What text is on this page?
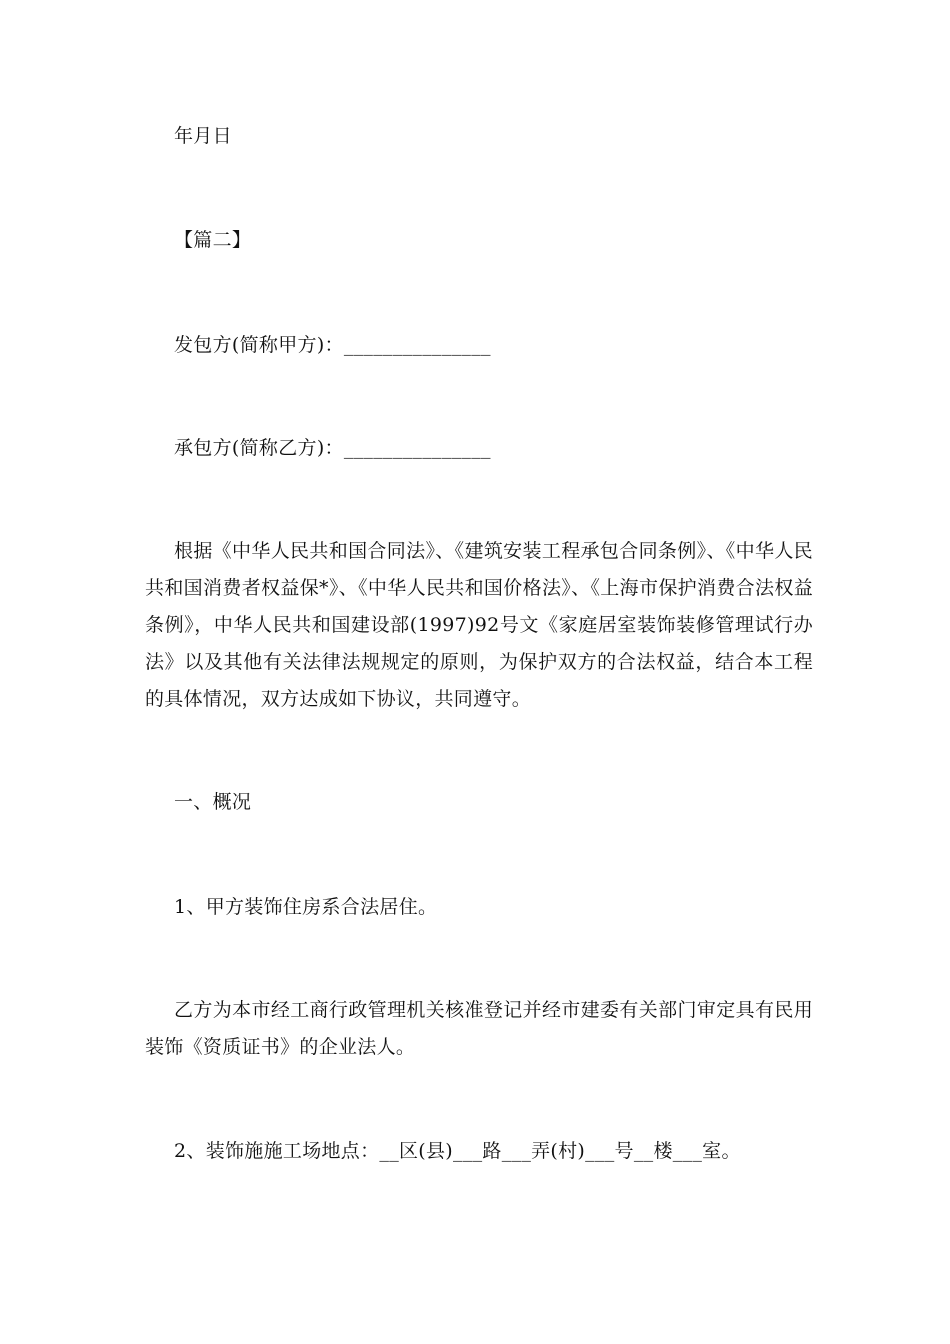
年月日

【篇二】

发包方(简称甲方)：_______________

承包方(简称乙方)：_______________

根据《中华人民共和国合同法》、《建筑安装工程承包合同条例》、《中华人民共和国消费者权益保*》、《中华人民共和国价格法》、《上海市保护消费合法权益条例》，中华人民共和国建设部(1997)92号文《家庭居室装饰装修管理试行办法》以及其他有关法律法规规定的原则，为保护双方的合法权益，结合本工程的具体情况，双方达成如下协议，共同遵守。

一、概况

1、甲方装饰住房系合法居住。

乙方为本市经工商行政管理机关核准登记并经市建委有关部门审定具有民用装饰《资质证书》的企业法人。

2、装饰施施工场地点：__区(县)___路___弄(村)___号__楼___室。
